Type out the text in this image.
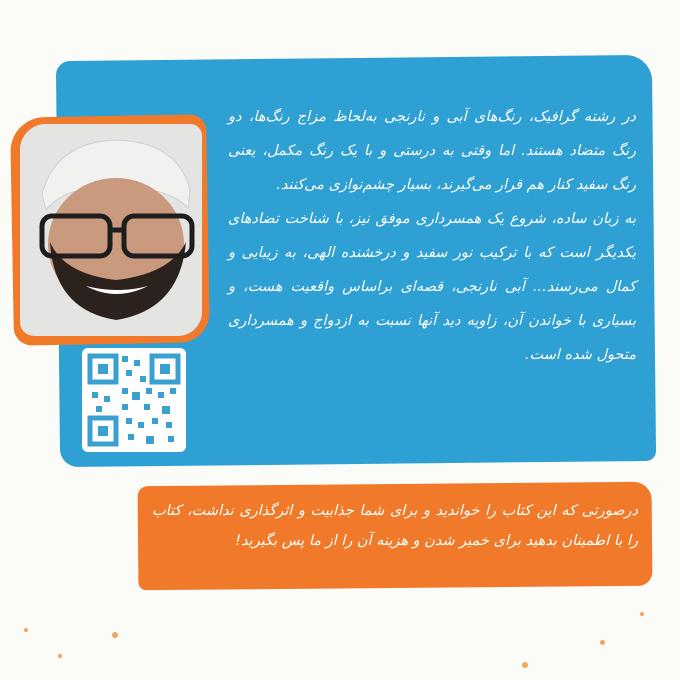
در رشته گرافیک، رنگ‌های آبی و نارنجی به‌لحاظ مزاج رنگ‌ها، دو رنگ متضاد هستند. اما وقتی به درستی و با یک رنگ مکمل، یعنی رنگ سفید کنار هم قرار می‌گیرند، بسیار چشم‌نوازی می‌کنند.

به زبان ساده، شروع یک همسرداری موفق نیز، با شناخت تضادهای یکدیگر است که با ترکیب نور سفید و درخشنده الهی، به زیبایی و کمال می‌رسند... آبی نارنجی، قصه‌ای براساس واقعیت هست، و بسیاری با خواندن آن، زاویه دید آنها نسبت به ازدواج و همسرداری متحول شده است.

درصورتی که این کتاب را خواندید و برای شما جذابیت و اثرگذاری نداشت، کتاب را با اطمینان بدهید برای خمیر شدن و هزینه آن را از ما پس بگیرید!
